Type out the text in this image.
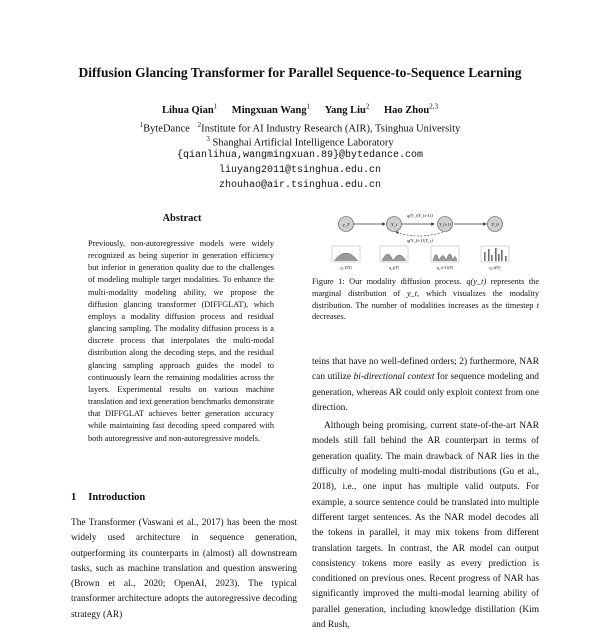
Diffusion Glancing Transformer for Parallel Sequence-to-Sequence Learning
Lihua Qian$^1$ Mingxuan Wang$^1$ Yang Liu$^2$ Hao Zhou$^{2,3}$
$^1$ByteDance $^2$Institute for AI Industry Research (AIR), Tsinghua University
$^3$ Shanghai Artificial Intelligence Laboratory
{qianlihua,wangmingxuan.89}@bytedance.com
liuyang2011@tsinghua.edu.cn
zhouhao@air.tsinghua.edu.cn
Abstract
Previously, non-autoregressive models were widely recognized as being superior in generation efficiency but inferior in generation quality due to the challenges of modeling multiple target modalities. To enhance the multi-modality modeling ability, we propose the diffusion glancing transformer (DIFFGLAT), which employs a modality diffusion process and residual glancing sampling. The modality diffusion process is a discrete process that interpolates the multi-modal distribution along the decoding steps, and the residual glancing sampling approach guides the model to continuously learn the remaining modalities across the layers. Experimental results on various machine translation and text generation benchmarks demonstrate that DIFFGLAT achieves better generation accuracy while maintaining fast decoding speed compared with both autoregressive and non-autoregressive models.
1 Introduction
The Transformer (Vaswani et al., 2017) has been the most widely used architecture in sequence generation, outperforming its counterparts in (almost) all downstream tasks, such as machine translation and question answering (Brown et al., 2020; OpenAI, 2023). The typical transformer architecture adopts the autoregressive decoding strategy (AR)
q(Y_t|Y_{t-1})
q(Y_{t-1}|Y_t)
y_T	Y_t	Y_{t-1}	Y_0
q_T(Y)	q_t(Y)	q_{t-1}(Y)	q_0(Y)
Figure 1: Our modality diffusion process. q(y_t) represents the marginal distribution of y_t, which visualizes the modality distribution. The number of modalities increases as the timestep t decreases.

teins that have no well-defined orders; 2) furthermore, NAR can utilize bi-directional context for sequence modeling and generation, whereas AR could only exploit context from one direction.

Although being promising, current state-of-the-art NAR models still fall behind the AR counterpart in terms of generation quality. The main drawback of NAR lies in the difficulty of modeling multi-modal distributions (Gu et al., 2018), i.e., one input has multiple valid outputs. For example, a source sentence could be translated into multiple different target sentences. As the NAR model decodes all the tokens in parallel, it may mix tokens from different translation targets. In contrast, the AR model can output consistency tokens more easily as every prediction is conditioned on previous ones. Recent progress of NAR has significantly improved the multi-modal learning ability of parallel generation, including knowledge distillation (Kim and Rush,
